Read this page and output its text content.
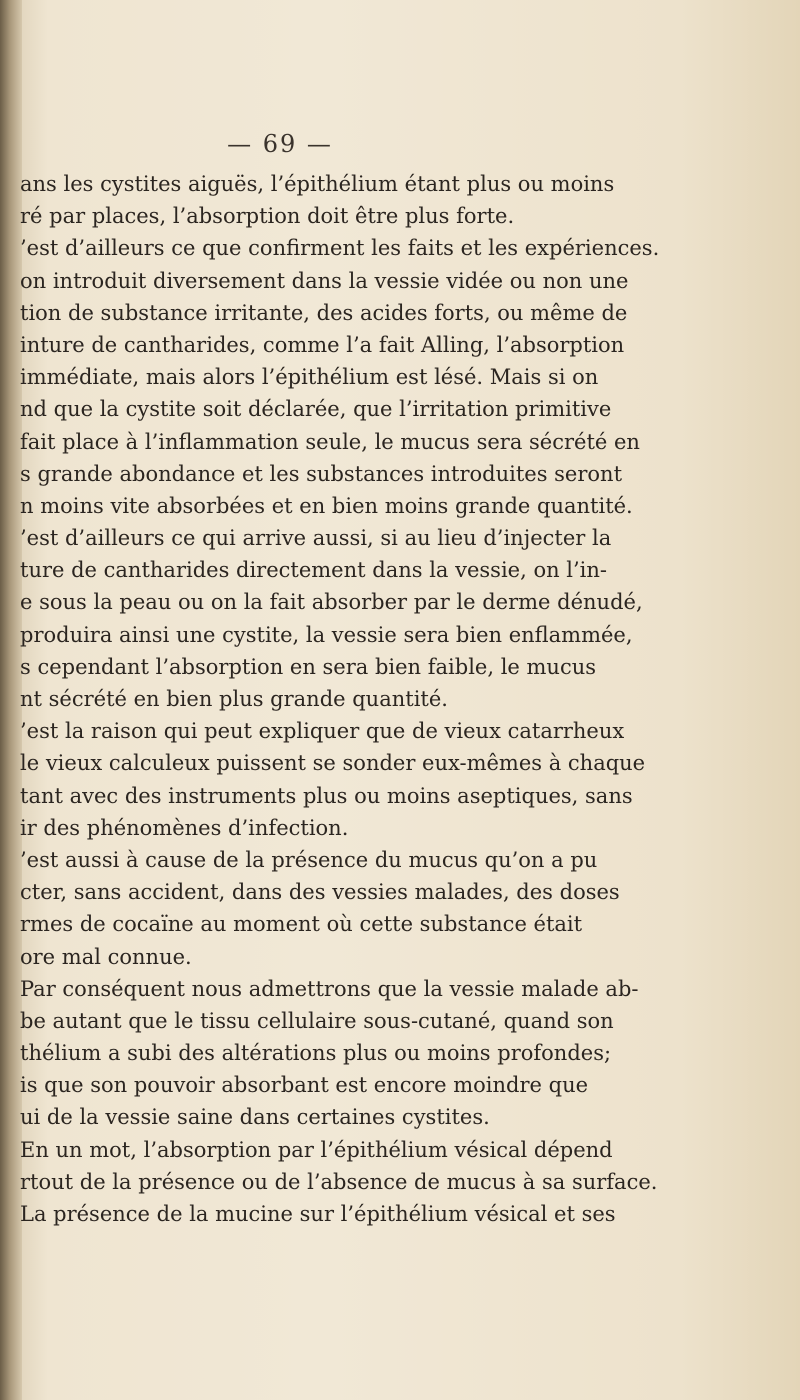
— 69 —
ans les cystites aiguës, l’épithélium étant plus ou moins
ré par places, l’absorption doit être plus forte.
’est d’ailleurs ce que confirment les faits et les expériences.
on introduit diversement dans la vessie vidée ou non une
tion de substance irritante, des acides forts, ou même de
inture de cantharides, comme l’a fait Alling, l’absorption
immédiate, mais alors l’épithélium est lésé. Mais si on
nd que la cystite soit déclarée, que l’irritation primitive
fait place à l’inflammation seule, le mucus sera sécrété en
s grande abondance et les substances introduites seront
n moins vite absorbées et en bien moins grande quantité.
’est d’ailleurs ce qui arrive aussi, si au lieu d’injecter la
ture de cantharides directement dans la vessie, on l’in-
e sous la peau ou on la fait absorber par le derme dénudé,
produira ainsi une cystite, la vessie sera bien enflammée,
s cependant l’absorption en sera bien faible, le mucus
nt sécrété en bien plus grande quantité.
’est la raison qui peut expliquer que de vieux catarrheux
le vieux calculeux puissent se sonder eux-mêmes à chaque
tant avec des instruments plus ou moins aseptiques, sans
ir des phénomènes d’infection.
’est aussi à cause de la présence du mucus qu’on a pu
cter, sans accident, dans des vessies malades, des doses
rmes de cocaïne au moment où cette substance était
ore mal connue.
Par conséquent nous admettrons que la vessie malade ab-
be autant que le tissu cellulaire sous-cutané, quand son
thélium a subi des altérations plus ou moins profondes;
is que son pouvoir absorbant est encore moindre que
ui de la vessie saine dans certaines cystites.
En un mot, l’absorption par l’épithélium vésical dépend
rtout de la présence ou de l’absence de mucus à sa surface.
La présence de la mucine sur l’épithélium vésical et ses
